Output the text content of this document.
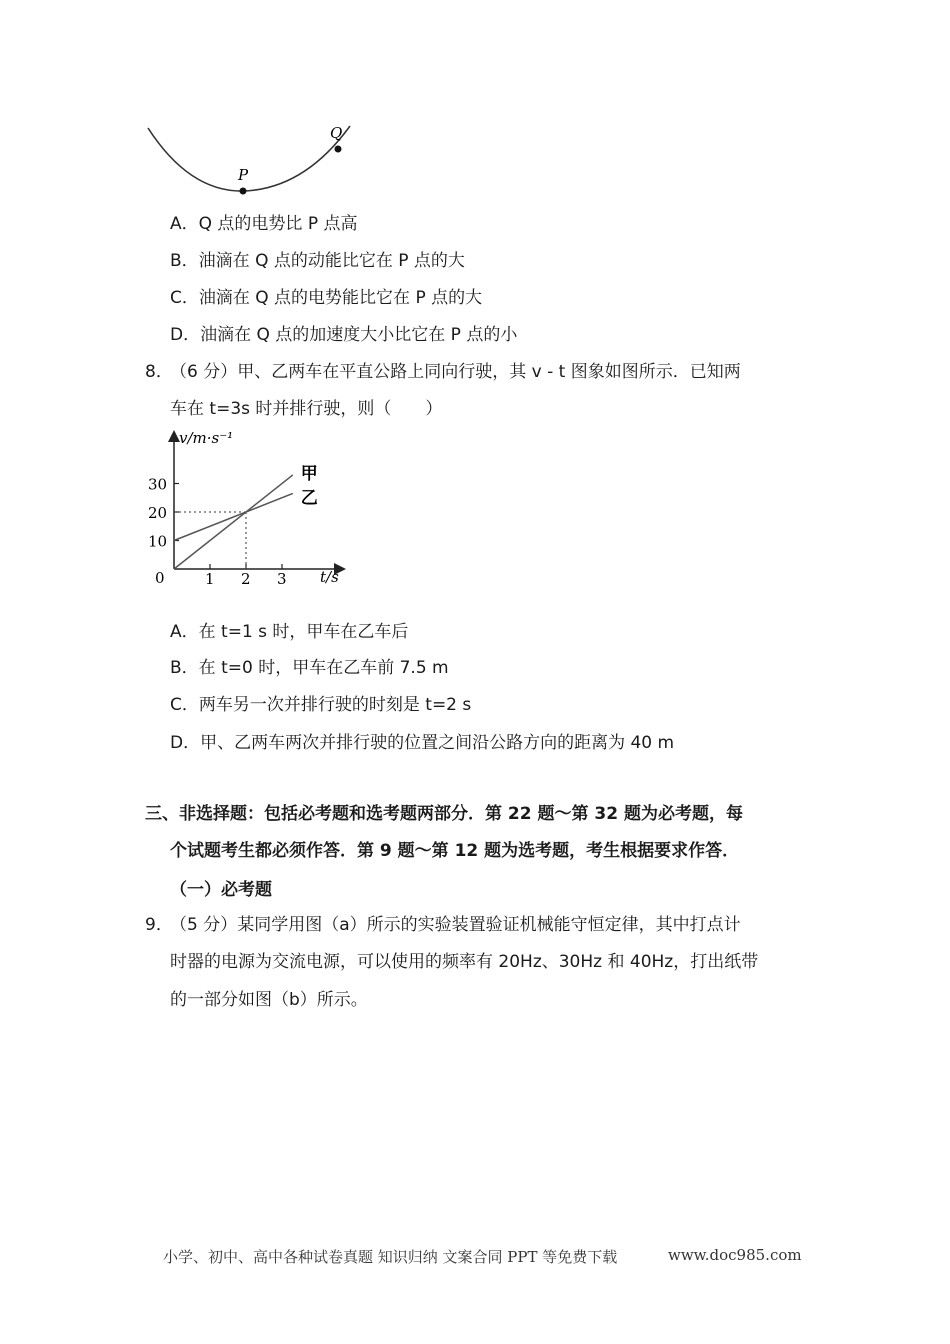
P
Q
A．Q 点的电势比 P 点高
B．油滴在 Q 点的动能比它在 P 点的大
C．油滴在 Q 点的电势能比它在 P 点的大
D．油滴在 Q 点的加速度大小比它在 P 点的小
8．
（6 分）甲、乙两车在平直公路上同向行驶，其 v ‑ t 图象如图所示．已知两
车在 t=3s 时并排行驶，则（　　）
1 2 3
10
20
30
甲
乙
v/m·s⁻¹
t/s
0
A．在 t=1 s 时，甲车在乙车后
B．在 t=0 时，甲车在乙车前 7.5 m
C．两车另一次并排行驶的时刻是 t=2 s
D．甲、乙两车两次并排行驶的位置之间沿公路方向的距离为 40 m
三、非选择题：包括必考题和选考题两部分．第 22 题～第 32 题为必考题，每
个试题考生都必须作答．第 9 题～第 12 题为选考题，考生根据要求作答．
（一）必考题
9．
（5 分）某同学用图（a）所示的实验装置验证机械能守恒定律，其中打点计
时器的电源为交流电源，可以使用的频率有 20Hz、30Hz 和 40Hz，打出纸带
的一部分如图（b）所示。
小学、初中、高中各种试卷真题 知识归纳 文案合同 PPT 等免费下载	www.doc985.com
